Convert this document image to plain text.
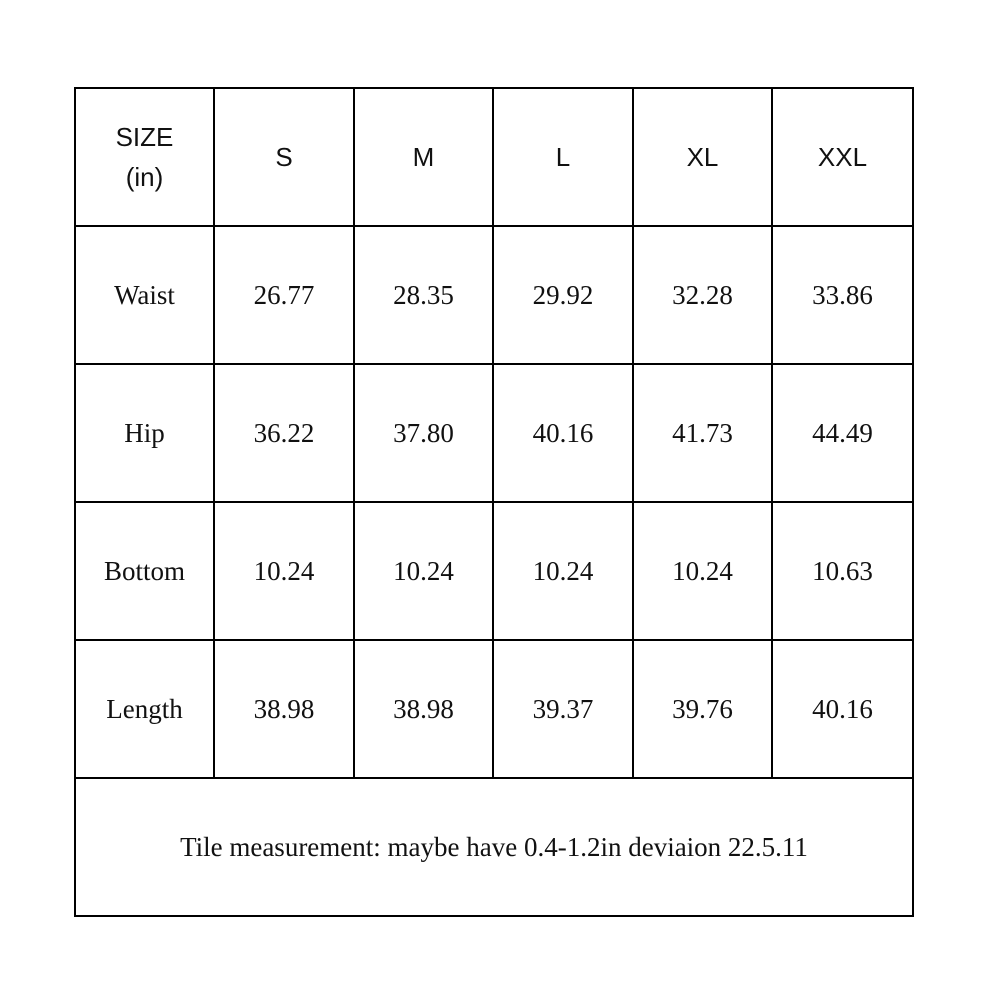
SIZE
(in)	S	M	L	XL	XXL
Waist	26.77	28.35	29.92	32.28	33.86
Hip	36.22	37.80	40.16	41.73	44.49
Bottom	10.24	10.24	10.24	10.24	10.63
Length	38.98	38.98	39.37	39.76	40.16
Tile measurement: maybe have 0.4-1.2in deviaion 22.5.11					
